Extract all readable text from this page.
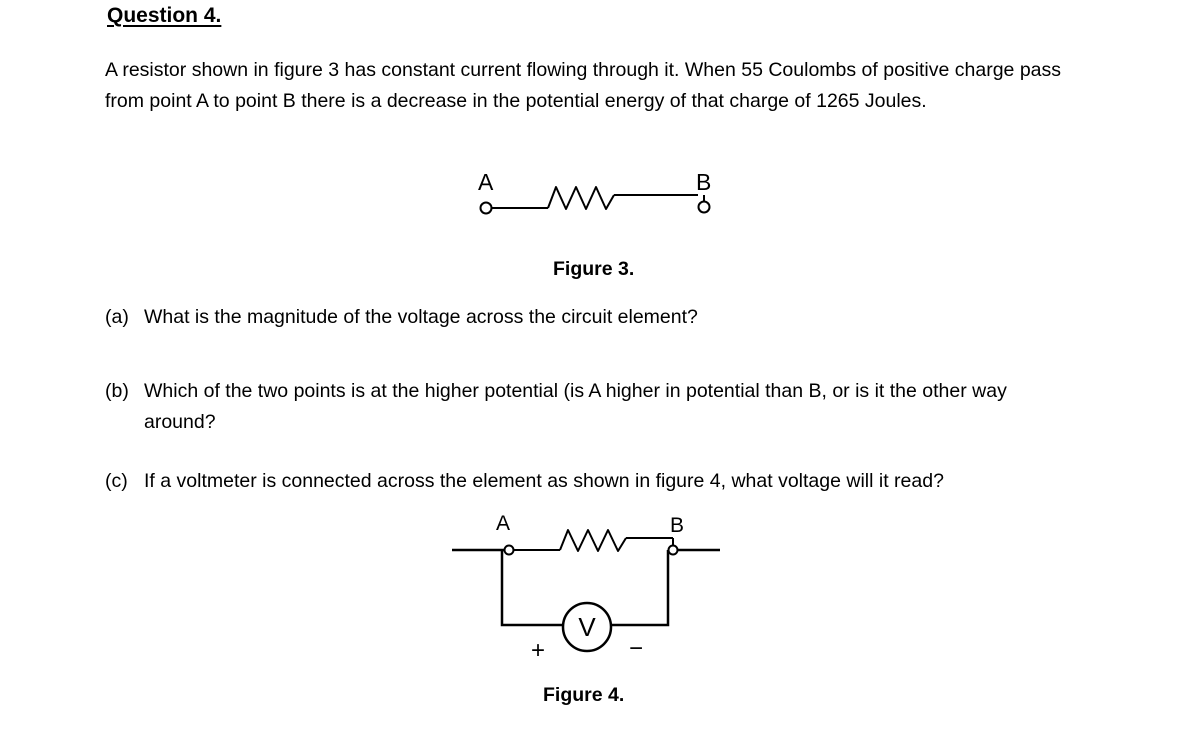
Question 4.
A resistor shown in figure 3 has constant current flowing through it. When 55 Coulombs of positive charge pass from point A to point B there is a decrease in the potential energy of that charge of 1265 Joules.
A	B
Figure 3.
(a) What is the magnitude of the voltage across the circuit element?
(b) Which of the two points is at the higher potential (is A higher in potential than B, or is it the other way around?
(c) If a voltmeter is connected across the element as shown in figure 4, what voltage will it read?
A	B
V
+	−
Figure 4.
